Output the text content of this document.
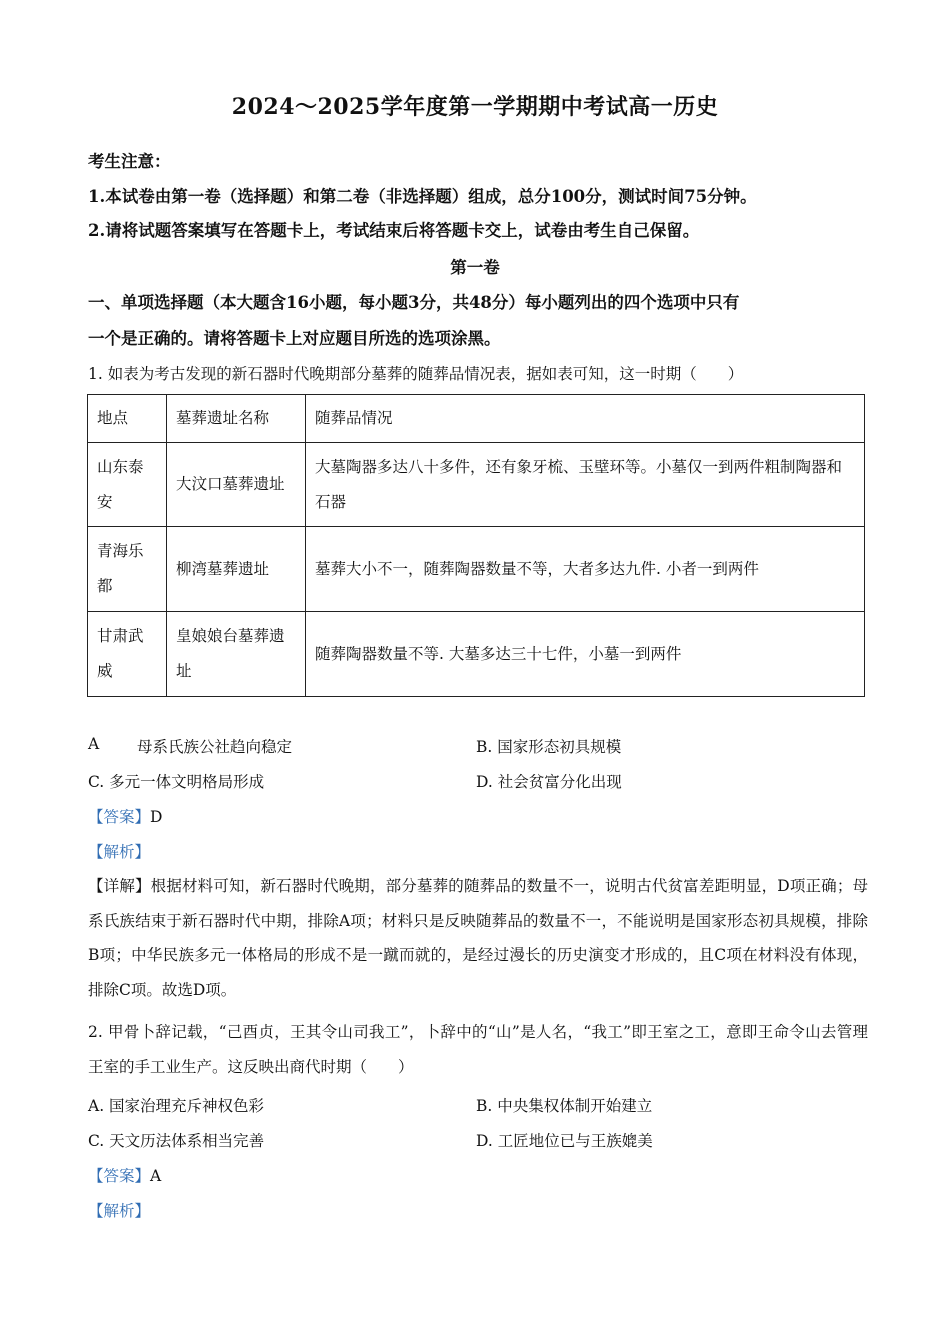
2024～2025学年度第一学期期中考试高一历史
考生注意：
1.本试卷由第一卷（选择题）和第二卷（非选择题）组成，总分100分，测试时间75分钟。
2.请将试题答案填写在答题卡上，考试结束后将答题卡交上，试卷由考生自己保留。
第一卷
一、单项选择题（本大题含16小题，每小题3分，共48分）每小题列出的四个选项中只有
一个是正确的。请将答题卡上对应题目所选的选项涂黑。
1. 如表为考古发现的新石器时代晚期部分墓葬的随葬品情况表，据如表可知，这一时期（　　）
地点	墓葬遗址名称	随葬品情况
山东泰安	大汶口墓葬遗址	大墓陶器多达八十多件，还有象牙梳、玉壁环等。小墓仅一到两件粗制陶器和石器
青海乐都	柳湾墓葬遗址	墓葬大小不一，随葬陶器数量不等，大者多达九件. 小者一到两件
甘肃武威	皇娘娘台墓葬遗址	随葬陶器数量不等. 大墓多达三十七件，小墓一到两件
A 母系氏族公社趋向稳定	B. 国家形态初具规模
C. 多元一体文明格局形成	D. 社会贫富分化出现
【答案】D
【解析】
【详解】根据材料可知，新石器时代晚期，部分墓葬的随葬品的数量不一，说明古代贫富差距明显，D项正确；母系氏族结束于新石器时代中期，排除A项；材料只是反映随葬品的数量不一，不能说明是国家形态初具规模，排除B项；中华民族多元一体格局的形成不是一蹴而就的，是经过漫长的历史演变才形成的，且C项在材料没有体现，排除C项。故选D项。
2. 甲骨卜辞记载，“己酉贞，王其令山司我工”，卜辞中的“山”是人名，“我工”即王室之工，意即王命令山去管理王室的手工业生产。这反映出商代时期（　　）
A. 国家治理充斥神权色彩	B. 中央集权体制开始建立
C. 天文历法体系相当完善	D. 工匠地位已与王族媲美
【答案】A
【解析】
